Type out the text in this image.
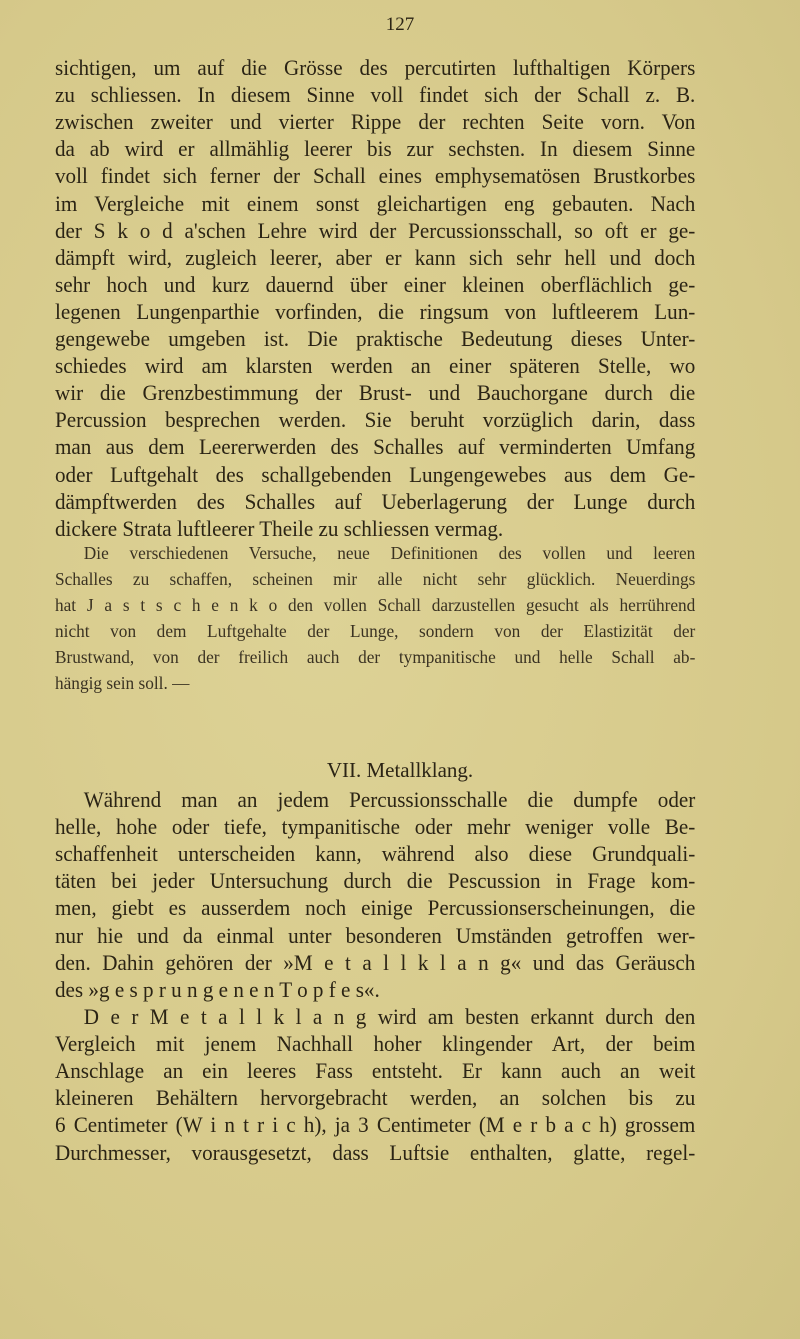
127
sichtigen, um auf die Grösse des percutirten lufthaltigen Körpers
zu schliessen. In diesem Sinne voll findet sich der Schall z. B.
zwischen zweiter und vierter Rippe der rechten Seite vorn. Von
da ab wird er allmählig leerer bis zur sechsten. In diesem Sinne
voll findet sich ferner der Schall eines emphysematösen Brustkorbes
im Vergleiche mit einem sonst gleichartigen eng gebauten. Nach
der S k o d a'schen Lehre wird der Percussionsschall, so oft er ge-
dämpft wird, zugleich leerer, aber er kann sich sehr hell und doch
sehr hoch und kurz dauernd über einer kleinen oberflächlich ge-
legenen Lungenparthie vorfinden, die ringsum von luftleerem Lun-
gengewebe umgeben ist. Die praktische Bedeutung dieses Unter-
schiedes wird am klarsten werden an einer späteren Stelle, wo
wir die Grenzbestimmung der Brust- und Bauchorgane durch die
Percussion besprechen werden. Sie beruht vorzüglich darin, dass
man aus dem Leererwerden des Schalles auf verminderten Umfang
oder Luftgehalt des schallgebenden Lungengewebes aus dem Ge-
dämpftwerden des Schalles auf Ueberlagerung der Lunge durch
dickere Strata luftleerer Theile zu schliessen vermag.
Die verschiedenen Versuche, neue Definitionen des vollen und leeren
Schalles zu schaffen, scheinen mir alle nicht sehr glücklich. Neuerdings
hat J a s t s c h e n k o den vollen Schall darzustellen gesucht als herrührend
nicht von dem Luftgehalte der Lunge, sondern von der Elastizität der
Brustwand, von der freilich auch der tympanitische und helle Schall ab-
hängig sein soll. —
Während man an jedem Percussionsschalle die dumpfe oder
helle, hohe oder tiefe, tympanitische oder mehr weniger volle Be-
schaffenheit unterscheiden kann, während also diese Grundquali-
täten bei jeder Untersuchung durch die Pescussion in Frage kom-
men, giebt es ausserdem noch einige Percussionserscheinungen, die
nur hie und da einmal unter besonderen Umständen getroffen wer-
den. Dahin gehören der »M e t a l l k l a n g« und das Geräusch
des »g e s p r u n g e n e n T o p f e s«.
D e r M e t a l l k l a n g wird am besten erkannt durch den
Vergleich mit jenem Nachhall hoher klingender Art, der beim
Anschlage an ein leeres Fass entsteht. Er kann auch an weit
kleineren Behältern hervorgebracht werden, an solchen bis zu
6 Centimeter (W i n t r i c h), ja 3 Centimeter (M e r b a c h) grossem
Durchmesser, vorausgesetzt, dass Luftsie enthalten, glatte, regel-
VII. Metallklang.
